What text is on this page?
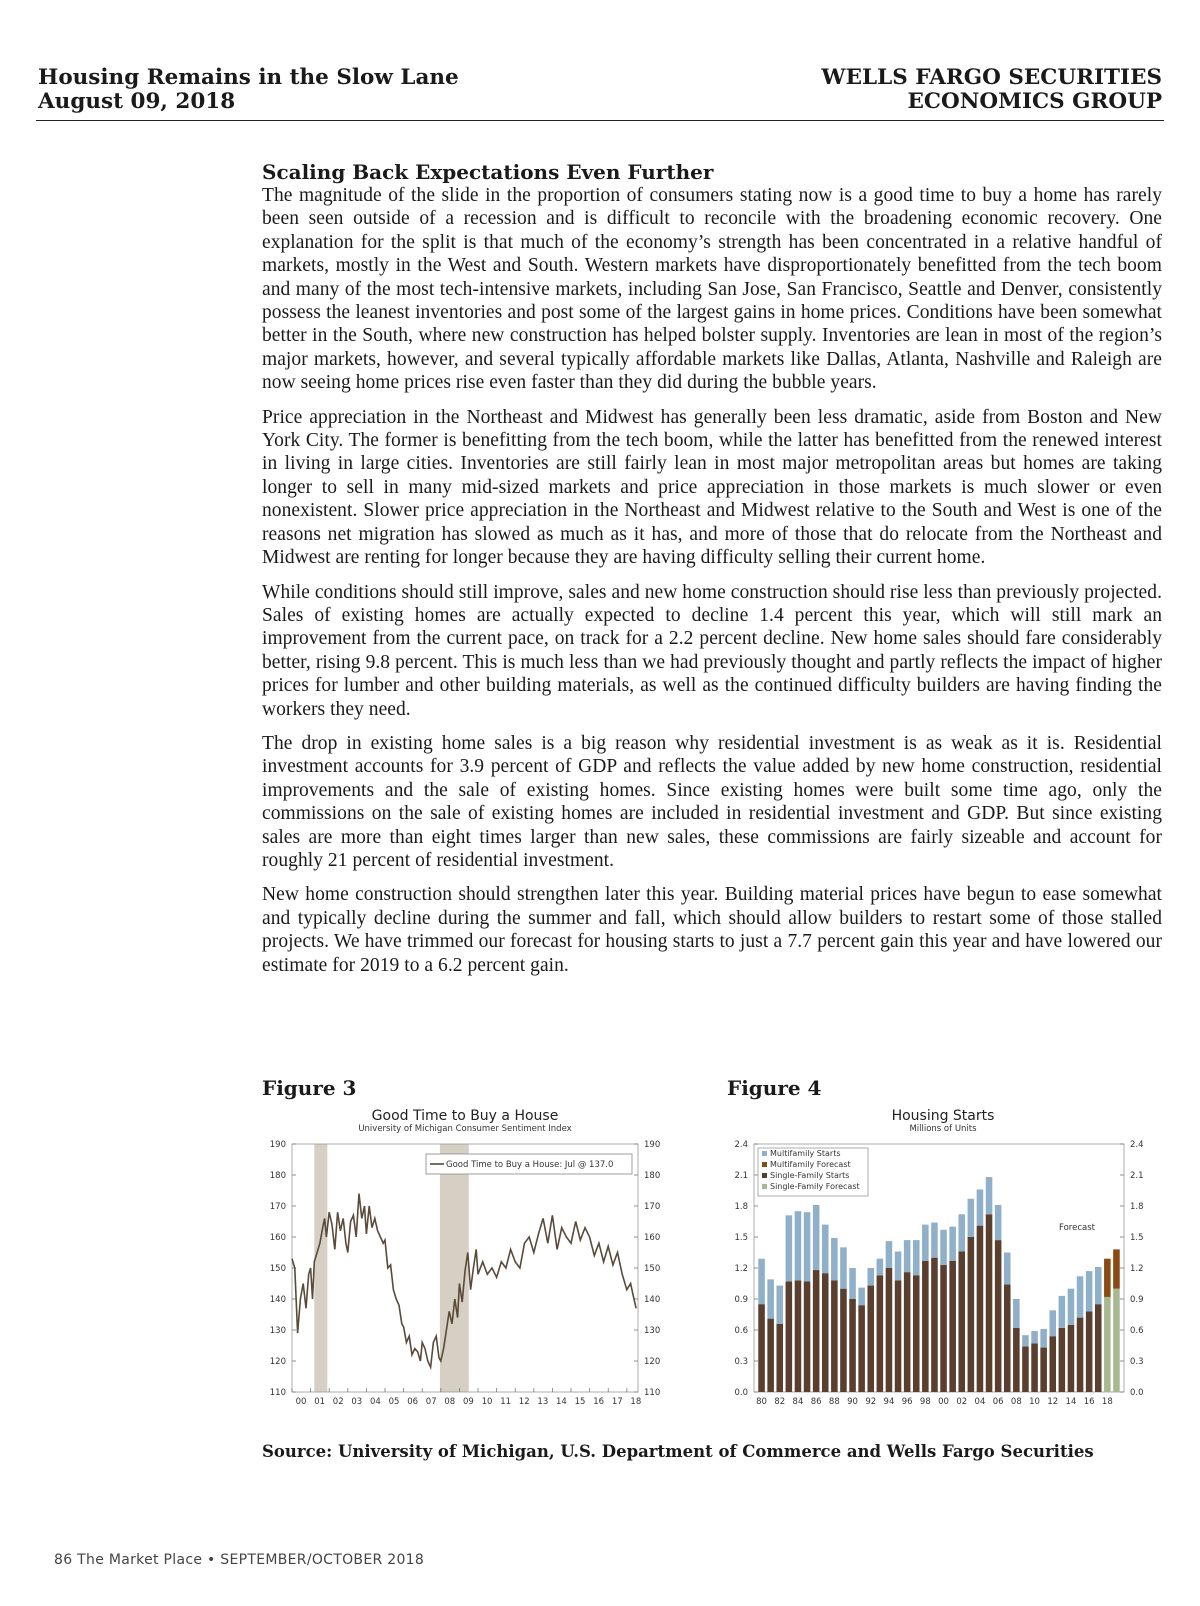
Housing Remains in the Slow Lane
August 09, 2018
WELLS FARGO SECURITIES
ECONOMICS GROUP
Scaling Back Expectations Even Further

The magnitude of the slide in the proportion of consumers stating now is a good time to buy a home has rarely been seen outside of a recession and is difficult to reconcile with the broadening economic recovery. One explanation for the split is that much of the economy’s strength has been concentrated in a relative handful of markets, mostly in the West and South. Western markets have disproportionately benefitted from the tech boom and many of the most tech-intensive markets, including San Jose, San Francisco, Seattle and Denver, consistently possess the leanest inventories and post some of the largest gains in home prices. Conditions have been somewhat better in the South, where new construction has helped bolster supply. Inventories are lean in most of the region’s major markets, however, and several typically affordable markets like Dallas, Atlanta, Nashville and Raleigh are now seeing home prices rise even faster than they did during the bubble years.

Price appreciation in the Northeast and Midwest has generally been less dramatic, aside from Boston and New York City. The former is benefitting from the tech boom, while the latter has benefitted from the renewed interest in living in large cities. Inventories are still fairly lean in most major metropolitan areas but homes are taking longer to sell in many mid-sized markets and price appreciation in those markets is much slower or even nonexistent. Slower price appreciation in the Northeast and Midwest relative to the South and West is one of the reasons net migration has slowed as much as it has, and more of those that do relocate from the Northeast and Midwest are renting for longer because they are having difficulty selling their current home.

While conditions should still improve, sales and new home construction should rise less than previously projected. Sales of existing homes are actually expected to decline 1.4 percent this year, which will still mark an improvement from the current pace, on track for a 2.2 percent decline. New home sales should fare considerably better, rising 9.8 percent. This is much less than we had previously thought and partly reflects the impact of higher prices for lumber and other building materials, as well as the continued difficulty builders are having finding the workers they need.

The drop in existing home sales is a big reason why residential investment is as weak as it is. Residential investment accounts for 3.9 percent of GDP and reflects the value added by new home construction, residential improvements and the sale of existing homes. Since existing homes were built some time ago, only the commissions on the sale of existing homes are included in residential investment and GDP. But since existing sales are more than eight times larger than new sales, these commissions are fairly sizeable and account for roughly 21 percent of residential investment.

New home construction should strengthen later this year. Building material prices have begun to ease somewhat and typically decline during the summer and fall, which should allow builders to restart some of those stalled projects. We have trimmed our forecast for housing starts to just a 7.7 percent gain this year and have lowered our estimate for 2019 to a 6.2 percent gain.

Figure 3	Figure 4
Good Time to Buy a House
University of Michigan Consumer Sentiment Index
110	110
120	120
130	130
140	140
150	150
160	160
170	170
180	180
190	190
00 01 02 03 04 05 06 07 08 09 10 11 12 13 14 15 16 17 18
Good Time to Buy a House: Jul @ 137.0
Housing Starts
Millions of Units
0.0	0.0
0.3	0.3
0.6	0.6
0.9	0.9
1.2	1.2
1.5	1.5
1.8	1.8
2.1	2.1
2.4	2.4
80 82 84 86 88 90 92 94 96 98 00 02 04 06 08 10 12 14 16 18
Multifamily Starts
Multifamily Forecast
Single-Family Starts
Single-Family Forecast
Forecast
Source: University of Michigan, U.S. Department of Commerce and Wells Fargo Securities
86 The Market Place • SEPTEMBER/OCTOBER 2018
